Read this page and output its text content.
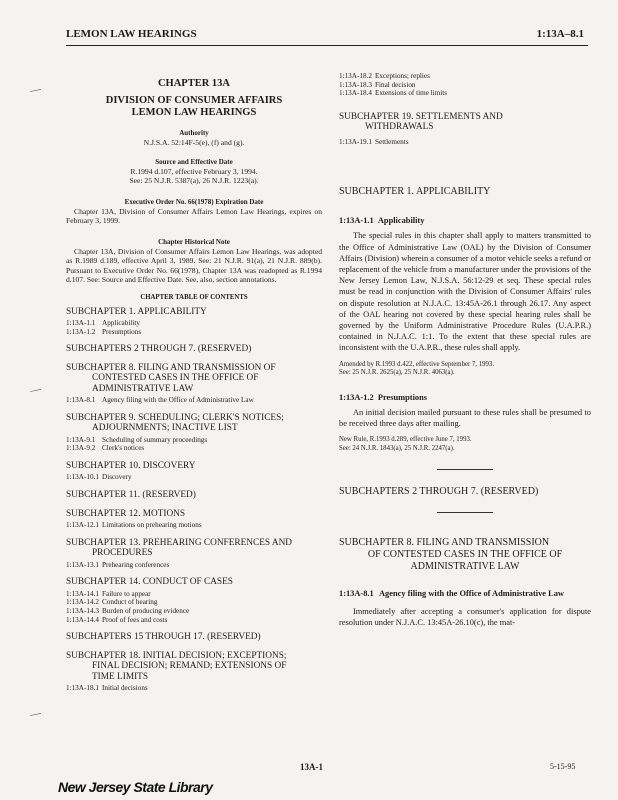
LEMON LAW HEARINGS	1:13A–8.1
—
—
—
CHAPTER 13A
DIVISION OF CONSUMER AFFAIRS
LEMON LAW HEARINGS
Authority
N.J.S.A. 52:14F-5(e), (f) and (g).
Source and Effective Date
R.1994 d.107, effective February 3, 1994.
See: 25 N.J.R. 5387(a), 26 N.J.R. 1223(a).
Executive Order No. 66(1978) Expiration Date
Chapter 13A, Division of Consumer Affairs Lemon Law Hearings, expires on February 3, 1999.
Chapter Historical Note
Chapter 13A, Division of Consumer Affairs Lemon Law Hearings, was adopted as R.1989 d.189, effective April 3, 1989. See: 21 N.J.R. 91(a), 21 N.J.R. 889(b). Pursuant to Executive Order No. 66(1978), Chapter 13A was readopted as R.1994 d.107. See: Source and Effective Date. See, also, section annotations.
CHAPTER TABLE OF CONTENTS
SUBCHAPTER 1. APPLICABILITY
1:13A-1.1 Applicability
1:13A-1.2 Presumptions
SUBCHAPTERS 2 THROUGH 7. (RESERVED)
SUBCHAPTER 8. FILING AND TRANSMISSION OF
CONTESTED CASES IN THE OFFICE OF
ADMINISTRATIVE LAW
1:13A-8.1 Agency filing with the Office of Administrative Law
SUBCHAPTER 9. SCHEDULING; CLERK'S NOTICES;
ADJOURNMENTS; INACTIVE LIST
1:13A-9.1 Scheduling of summary proceedings
1:13A-9.2 Clerk's notices
SUBCHAPTER 10. DISCOVERY
1:13A-10.1 Discovery
SUBCHAPTER 11. (RESERVED)
SUBCHAPTER 12. MOTIONS
1:13A-12.1 Limitations on prehearing motions
SUBCHAPTER 13. PREHEARING CONFERENCES AND
PROCEDURES
1:13A-13.1 Prehearing conferences
SUBCHAPTER 14. CONDUCT OF CASES
1:13A-14.1 Failure to appear
1:13A-14.2 Conduct of hearing
1:13A-14.3 Burden of producing evidence
1:13A-14.4 Proof of fees and costs
SUBCHAPTERS 15 THROUGH 17. (RESERVED)
SUBCHAPTER 18. INITIAL DECISION; EXCEPTIONS;
FINAL DECISION; REMAND; EXTENSIONS OF
TIME LIMITS
1:13A-18.1 Initial decisions
1:13A-18.2 Exceptions; replies
1:13A-18.3 Final decision
1:13A-18.4 Extensions of time limits
SUBCHAPTER 19. SETTLEMENTS AND
WITHDRAWALS
1:13A-19.1 Settlements
SUBCHAPTER 1. APPLICABILITY
1:13A-1.1 Applicability
The special rules in this chapter shall apply to matters transmitted to the Office of Administrative Law (OAL) by the Division of Consumer Affairs (Division) wherein a consumer of a motor vehicle seeks a refund or replacement of the vehicle from a manufacturer under the provisions of the New Jersey Lemon Law, N.J.S.A. 56:12-29 et seq. These special rules must be read in conjunction with the Division of Consumer Affairs' rules on dispute resolution at N.J.A.C. 13:45A-26.1 through 26.17. Any aspect of the OAL hearing not covered by these special hearing rules shall be governed by the Uniform Administrative Procedure Rules (U.A.P.R.) contained in N.J.A.C. 1:1. To the extent that these special rules are inconsistent with the U.A.P.R., these rules shall apply.
Amended by R.1993 d.422, effective September 7, 1993.
See: 25 N.J.R. 2625(a), 25 N.J.R. 4063(a).
1:13A-1.2 Presumptions
An initial decision mailed pursuant to these rules shall be presumed to be received three days after mailing.
New Rule, R.1993 d.289, effective June 7, 1993.
See: 24 N.J.R. 1843(a), 25 N.J.R. 2247(a).
SUBCHAPTERS 2 THROUGH 7. (RESERVED)
SUBCHAPTER 8. FILING AND TRANSMISSION
OF CONTESTED CASES IN THE OFFICE OF
ADMINISTRATIVE LAW
1:13A-8.1 Agency filing with the Office of Administrative Law
Immediately after accepting a consumer's application for dispute resolution under N.J.A.C. 13:45A-26.10(c), the mat-
13A-1	5-15-95
New Jersey State Library
